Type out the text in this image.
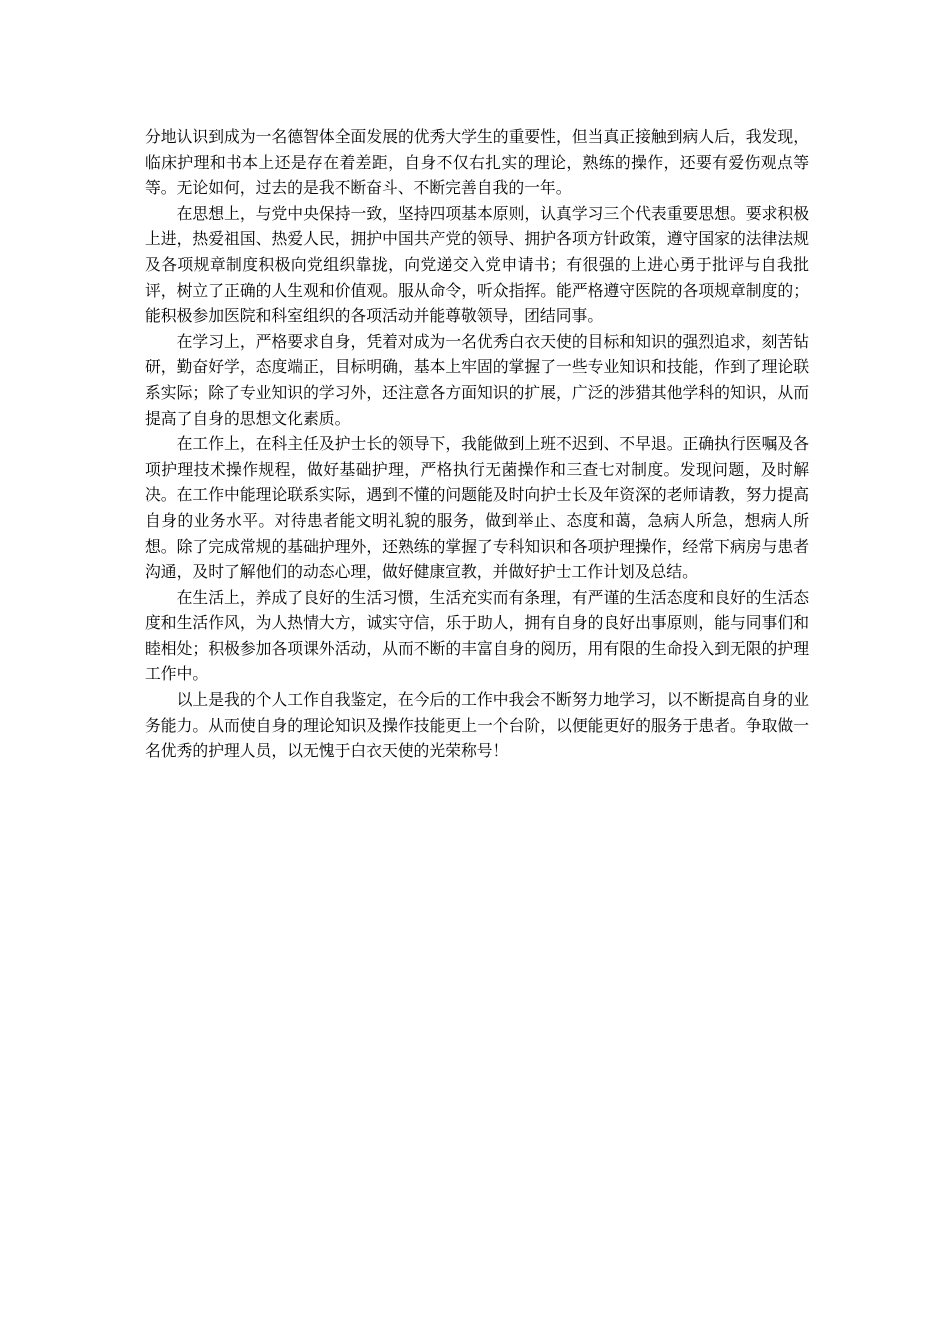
分地认识到成为一名德智体全面发展的优秀大学生的重要性，但当真正接触到病人后，我发现，临床护理和书本上还是存在着差距，自身不仅右扎实的理论，熟练的操作，还要有爱伤观点等等。无论如何，过去的是我不断奋斗、不断完善自我的一年。

在思想上，与党中央保持一致，坚持四项基本原则，认真学习三个代表重要思想。要求积极上进，热爱祖国、热爱人民，拥护中国共产党的领导、拥护各项方针政策，遵守国家的法律法规及各项规章制度积极向党组织靠拢，向党递交入党申请书；有很强的上进心勇于批评与自我批评，树立了正确的人生观和价值观。服从命令，听众指挥。能严格遵守医院的各项规章制度的；能积极参加医院和科室组织的各项活动并能尊敬领导，团结同事。

在学习上，严格要求自身，凭着对成为一名优秀白衣天使的目标和知识的强烈追求，刻苦钻研，勤奋好学，态度端正，目标明确，基本上牢固的掌握了一些专业知识和技能，作到了理论联系实际；除了专业知识的学习外，还注意各方面知识的扩展，广泛的涉猎其他学科的知识，从而提高了自身的思想文化素质。

在工作上，在科主任及护士长的领导下，我能做到上班不迟到、不早退。正确执行医嘱及各项护理技术操作规程，做好基础护理，严格执行无菌操作和三查七对制度。发现问题，及时解决。在工作中能理论联系实际，遇到不懂的问题能及时向护士长及年资深的老师请教，努力提高自身的业务水平。对待患者能文明礼貌的服务，做到举止、态度和蔼，急病人所急，想病人所想。除了完成常规的基础护理外，还熟练的掌握了专科知识和各项护理操作，经常下病房与患者沟通，及时了解他们的动态心理，做好健康宣教，并做好护士工作计划及总结。

在生活上，养成了良好的生活习惯，生活充实而有条理，有严谨的生活态度和良好的生活态度和生活作风，为人热情大方，诚实守信，乐于助人，拥有自身的良好出事原则，能与同事们和睦相处；积极参加各项课外活动，从而不断的丰富自身的阅历，用有限的生命投入到无限的护理工作中。

以上是我的个人工作自我鉴定，在今后的工作中我会不断努力地学习，以不断提高自身的业务能力。从而使自身的理论知识及操作技能更上一个台阶，以便能更好的服务于患者。争取做一名优秀的护理人员，以无愧于白衣天使的光荣称号！
